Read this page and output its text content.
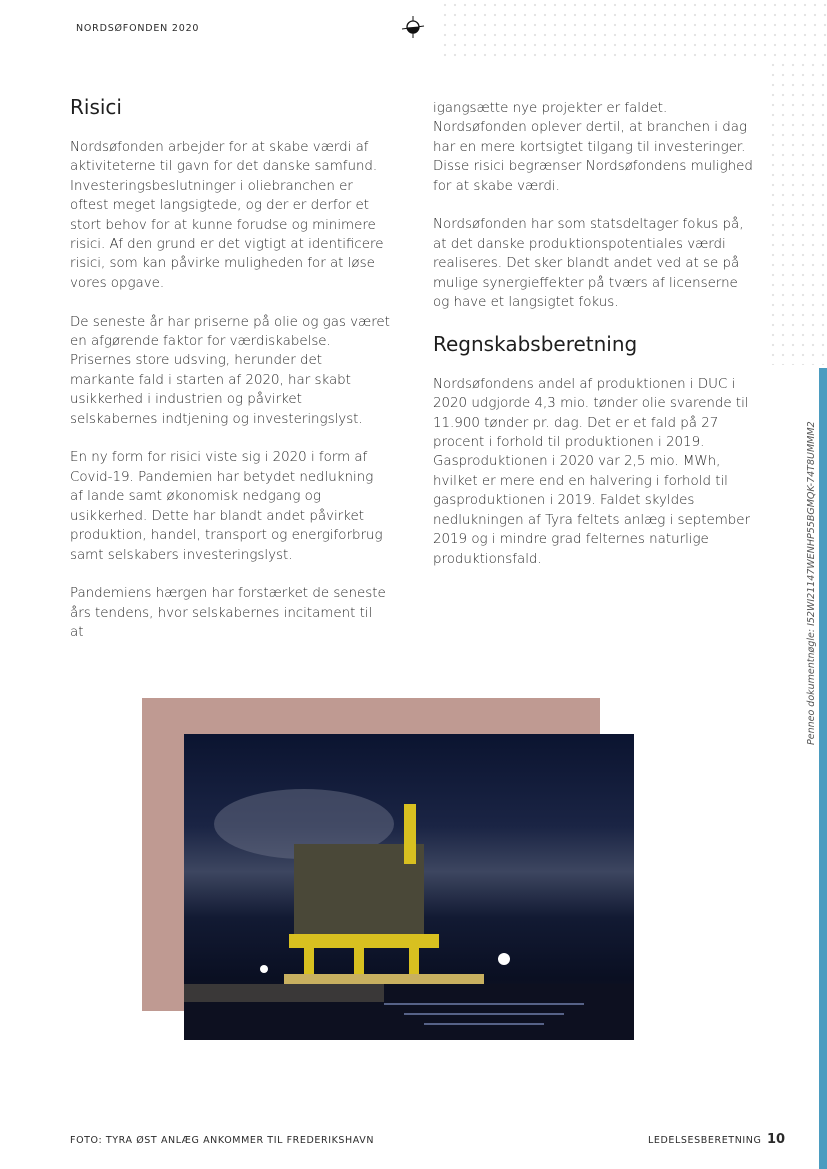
NORDSØFONDEN 2020
Risici

Nordsøfonden arbejder for at skabe værdi af aktiviteterne til gavn for det danske samfund. Investeringsbeslutninger i oliebranchen er oftest meget langsigtede, og der er derfor et stort behov for at kunne forudse og minimere risici. Af den grund er det vigtigt at identificere risici, som kan påvirke muligheden for at løse vores opgave.

De seneste år har priserne på olie og gas været en afgørende faktor for værdiskabelse. Prisernes store udsving, herunder det markante fald i starten af 2020, har skabt usikkerhed i industrien og påvirket selskabernes indtjening og investeringslyst.

En ny form for risici viste sig i 2020 i form af Covid-19. Pandemien har betydet nedlukning af lande samt økonomisk nedgang og usikkerhed. Dette har blandt andet påvirket produktion, handel, transport og energiforbrug samt selskabers investeringslyst.

Pandemiens hærgen har forstærket de seneste års tendens, hvor selskabernes incitament til at

igangsætte nye projekter er faldet. Nordsøfonden oplever dertil, at branchen i dag har en mere kortsigtet tilgang til investeringer. Disse risici begrænser Nordsøfondens mulighed for at skabe værdi.

Nordsøfonden har som statsdeltager fokus på, at det danske produktionspotentiales værdi realiseres. Det sker blandt andet ved at se på mulige synergieffekter på tværs af licenserne og have et langsigtet fokus.

Regnskabsberetning

Nordsøfondens andel af produktionen i DUC i 2020 udgjorde 4,3 mio. tønder olie svarende til 11.900 tønder pr. dag. Det er et fald på 27 procent i forhold til produktionen i 2019. Gasproduktionen i 2020 var 2,5 mio. MWh, hvilket er mere end en halvering i forhold til gasproduktionen i 2019. Faldet skyldes nedlukningen af Tyra feltets anlæg i september 2019 og i mindre grad felternes naturlige produktionsfald.	Penneo dokumentnøgle: I52WI21147WENHP55BGMQK-74T8UMMM2
FOTO: TYRA ØST ANLÆG ANKOMMER TIL FREDERIKSHAVN	LEDELSESBERETNING 10
